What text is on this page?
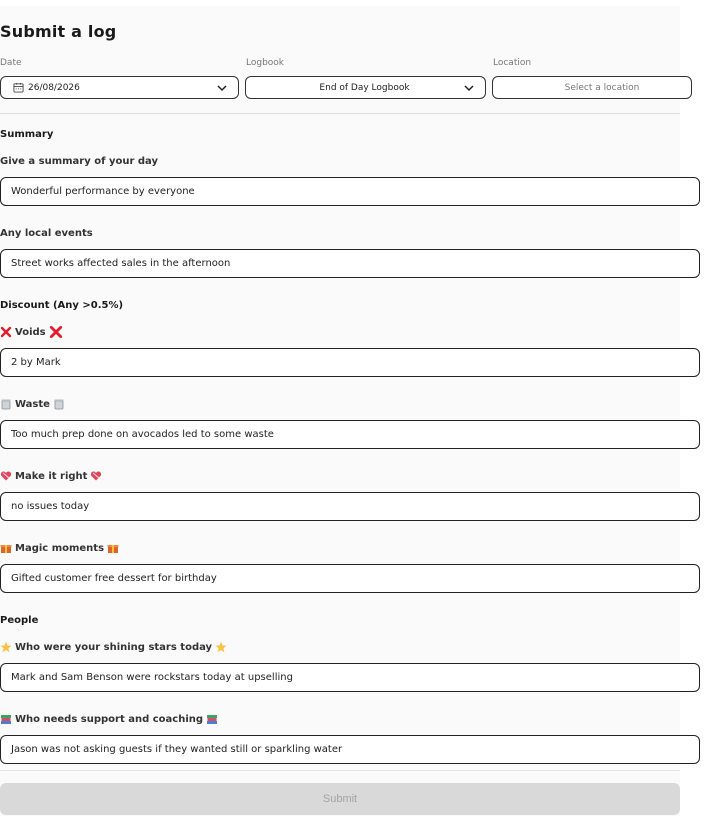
Submit a log
Date	Logbook	Location
26/08/2026	End of Day Logbook	Select a location
Summary
Give a summary of your day
Wonderful performance by everyone
Any local events
Street works affected sales in the afternoon
Discount (Any >0.5%)
Voids
2 by Mark
Waste
Too much prep done on avocados led to some waste
Make it right
no issues today
Magic moments
Gifted customer free dessert for birthday
People
Who were your shining stars today
Mark and Sam Benson were rockstars today at upselling
Who needs support and coaching
Jason was not asking guests if they wanted still or sparkling water
Submit
